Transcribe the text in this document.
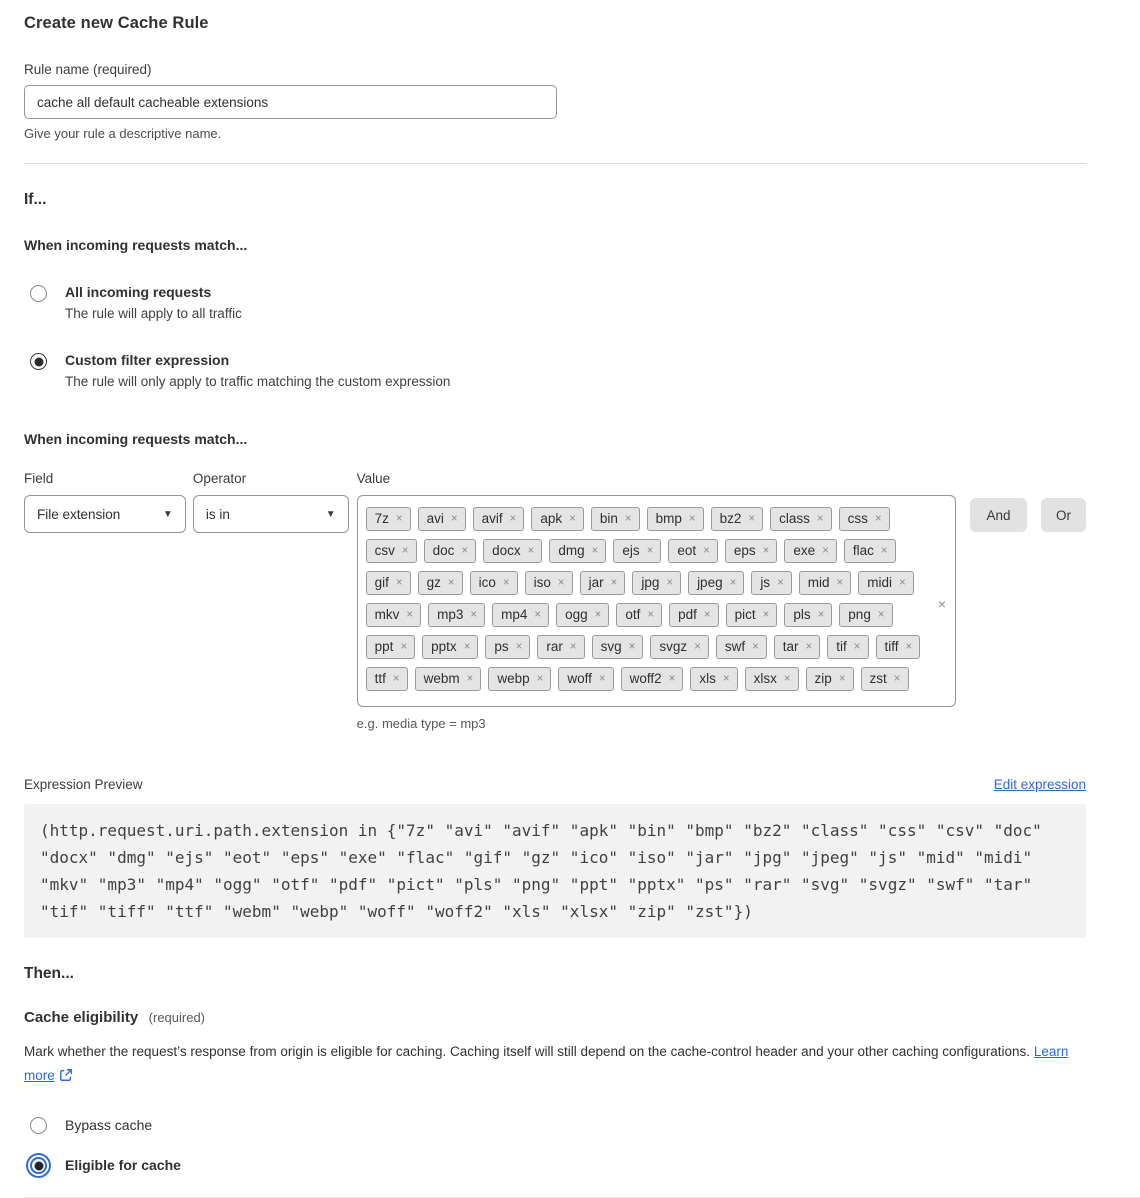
Create new Cache Rule
Rule name (required)
cache all default cacheable extensions
Give your rule a descriptive name.
If...
When incoming requests match...
All incoming requests
The rule will apply to all traffic
Custom filter expression
The rule will only apply to traffic matching the custom expression
When incoming requests match...
Field
File extension	▼
Operator
is in	▼
Value
7z × avi × avif × apk × bin × bmp × bz2 × class × css ×
csv × doc × docx × dmg × ejs × eot × eps × exe × flac ×
gif × gz × ico × iso × jar × jpg × jpeg × js × mid × midi ×
mkv × mp3 × mp4 × ogg × otf × pdf × pict × pls × png ×
ppt × pptx × ps × rar × svg × svgz × swf × tar × tif × tiff ×
ttf × webm × webp × woff × woff2 × xls × xlsx × zip × zst ×
×
e.g. media type = mp3
And	Or
Expression Preview	Edit expression
(http.request.uri.path.extension in {"7z" "avi" "avif" "apk" "bin" "bmp" "bz2" "class" "css" "csv" "doc" "docx" "dmg" "ejs" "eot" "eps" "exe" "flac" "gif" "gz" "ico" "iso" "jar" "jpg" "jpeg" "js" "mid" "midi" "mkv" "mp3" "mp4" "ogg" "otf" "pdf" "pict" "pls" "png" "ppt" "pptx" "ps" "rar" "svg" "svgz" "swf" "tar" "tif" "tiff" "ttf" "webm" "webp" "woff" "woff2" "xls" "xlsx" "zip" "zst"})
Then...
Cache eligibility (required)
Mark whether the request’s response from origin is eligible for caching. Caching itself will still depend on the cache-control header and your other caching configurations. Learn more
Bypass cache
Eligible for cache
